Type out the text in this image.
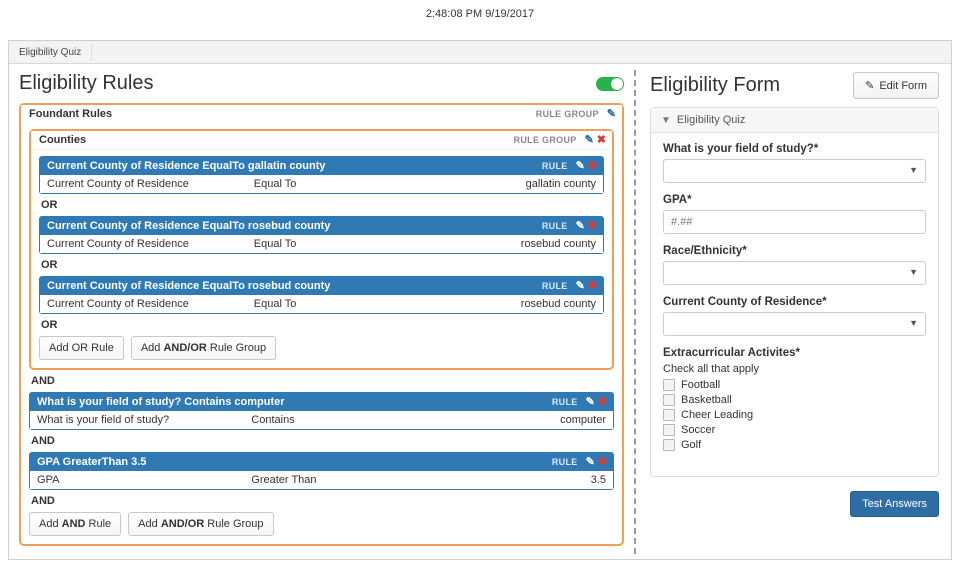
2:48:08 PM 9/19/2017
Eligibility Quiz
Eligibility Rules
Foundant Rules	RULE GROUP ✎
Counties	RULE GROUP ✎ ✖
Current County of Residence EqualTo gallatin county	RULE ✎ ✖
Current County of Residence	Equal To	gallatin county
OR
Current County of Residence EqualTo rosebud county	RULE ✎ ✖
Current County of Residence	Equal To	rosebud county
OR
Current County of Residence EqualTo rosebud county	RULE ✎ ✖
Current County of Residence	Equal To	rosebud county
OR
Add OR Rule	Add AND/OR Rule Group
AND
What is your field of study? Contains computer	RULE ✎ ✖
What is your field of study?	Contains	computer
AND
GPA GreaterThan 3.5	RULE ✎ ✖
GPA	Greater Than	3.5
AND
Add AND Rule	Add AND/OR Rule Group
Eligibility Form	✎ Edit Form
▼ Eligibility Quiz
What is your field of study?*
▼
GPA*
#.##
Race/Ethnicity*
▼
Current County of Residence*
▼
Extracurricular Activites*
Check all that apply
Football
Basketball
Cheer Leading
Soccer
Golf
Test Answers
